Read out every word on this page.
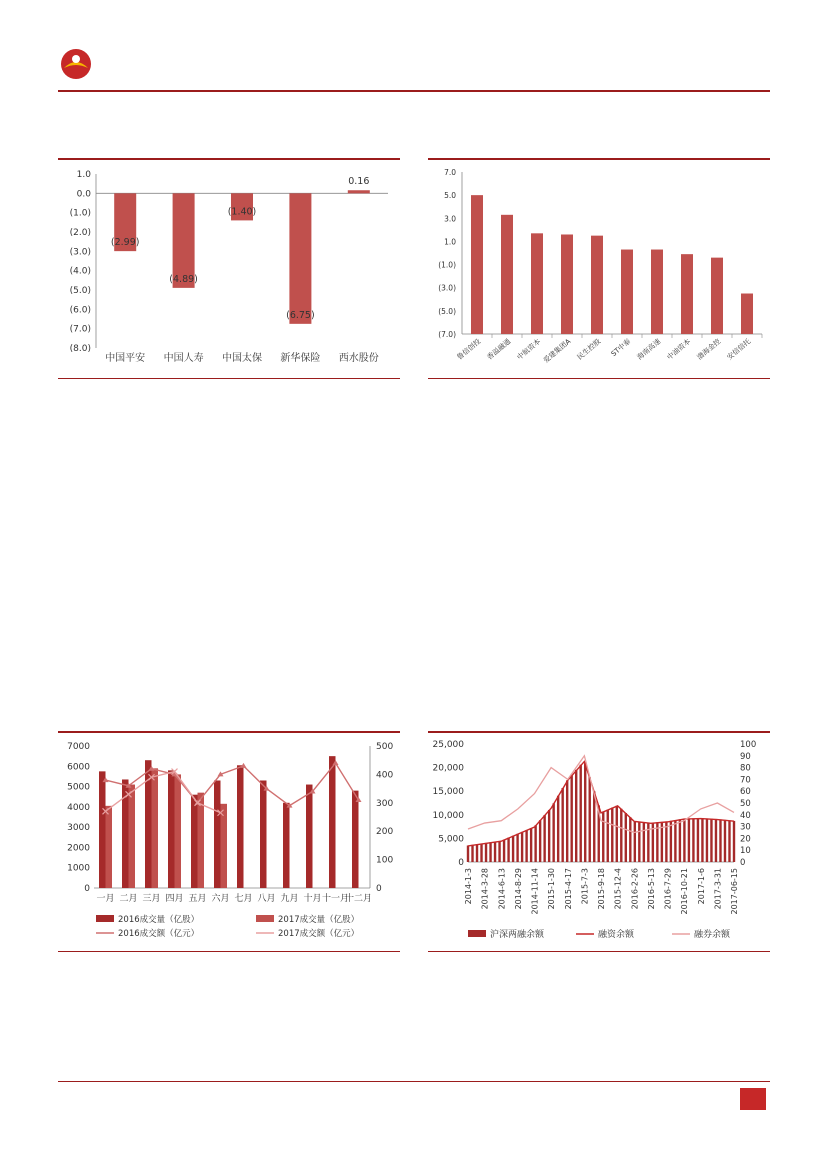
1.0
0.0
(1.0)
(2.0)
(3.0)
(4.0)
(5.0)
(6.0)
(7.0)
(8.0)
(2.99)
中国平安
(4.89)
中国人寿
(1.40)
中国太保
(6.75)
新华保险
0.16
西水股份
7.0
5.0
3.0
1.0
(1.0)
(3.0)
(5.0)
(7.0)
鲁信创投 香溢融通 中航资本 爱建集团A 民生控股 ST中泰 海南高速 中油资本 渤海金控 安信信托
0
1000
2000
3000
4000
5000
6000
7000
0
100
200
300
400
500
一月 二月 三月 四月 五月 六月 七月 八月 九月 十月 十一月
十二月
2016成交量（亿股）	2017成交量（亿股）
2016成交额（亿元）	2017成交额（亿元）
0
5,000
10,000
15,000
20,000
25,000
0
10
20
30
40
50
60
70
80
90
100
2014-1-3 2014-3-28 2014-6-13 2014-8-29 2014-11-14 2015-1-30 2015-4-17 2015-7-3 2015-9-18 2015-12-4 2016-2-26 2016-5-13 2016-7-29 2016-10-21 2017-1-6 2017-3-31 2017-06-15
沪深两融余额	融资余额	融券余额
